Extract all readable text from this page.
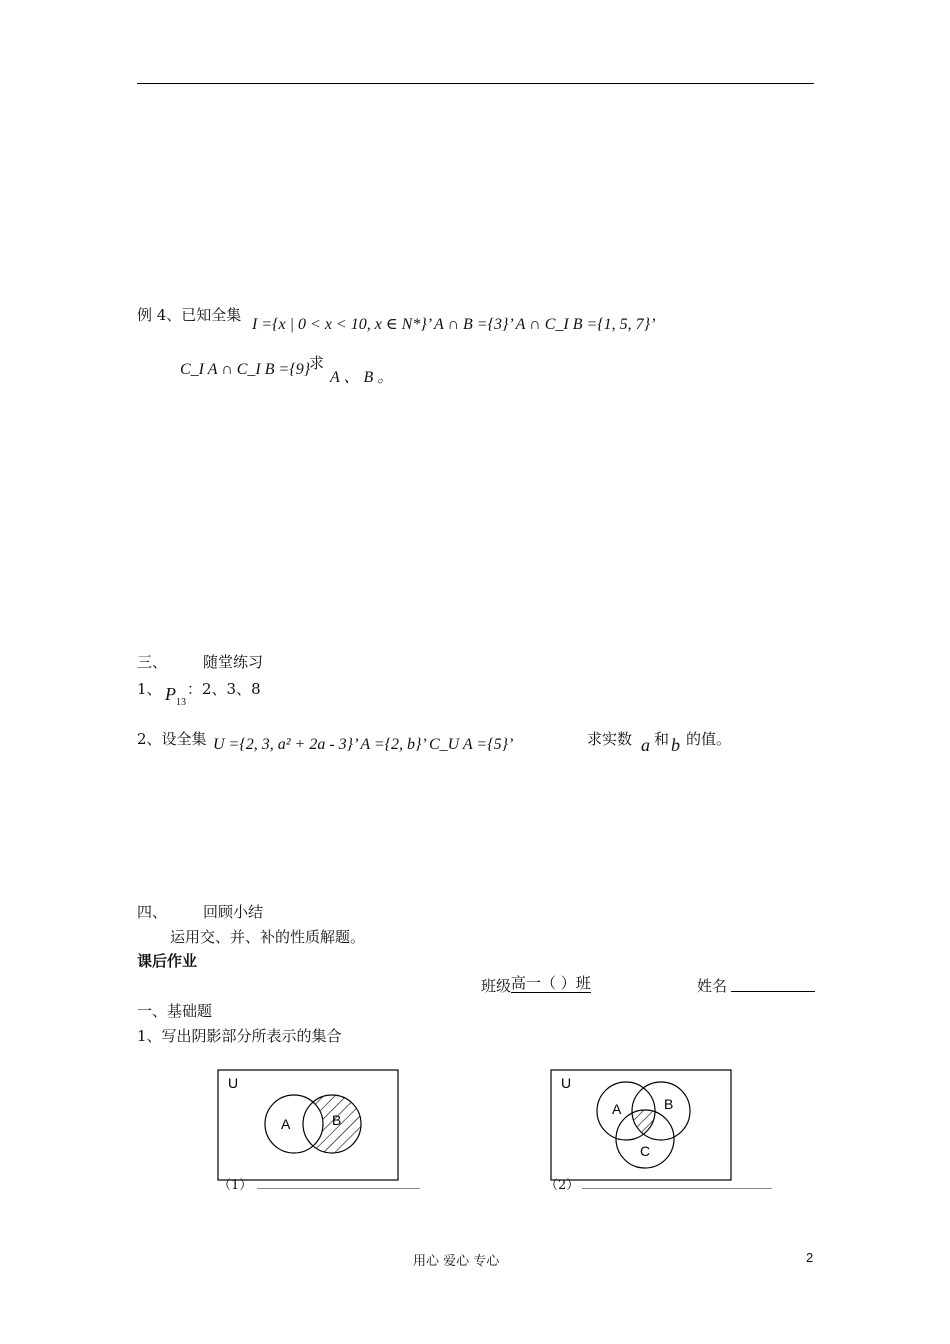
例 4、已知全集
I ={x | 0 < x < 10, x ∈ N*}’ A ∩ B ={3}’ A ∩ C_I B ={1, 5, 7}’
C_I A ∩ C_I B ={9}
求
A 、 B 。
三、 随堂练习
1、 $P_{13}$
：2、3、8
2、设全集 U ={2, 3, a² + 2a - 3}’ A ={2, b}’ C_U A ={5}’	求实数 a 和 b 的值。
四、 回顾小结
运用交、并、补的性质解题。
课后作业
班级 高一（ ）班	姓名
一、基础题
1、写出阴影部分所表示的集合
U
A	B
（1）
U
A	B
C
（2）
用心 爱心 专心	2
